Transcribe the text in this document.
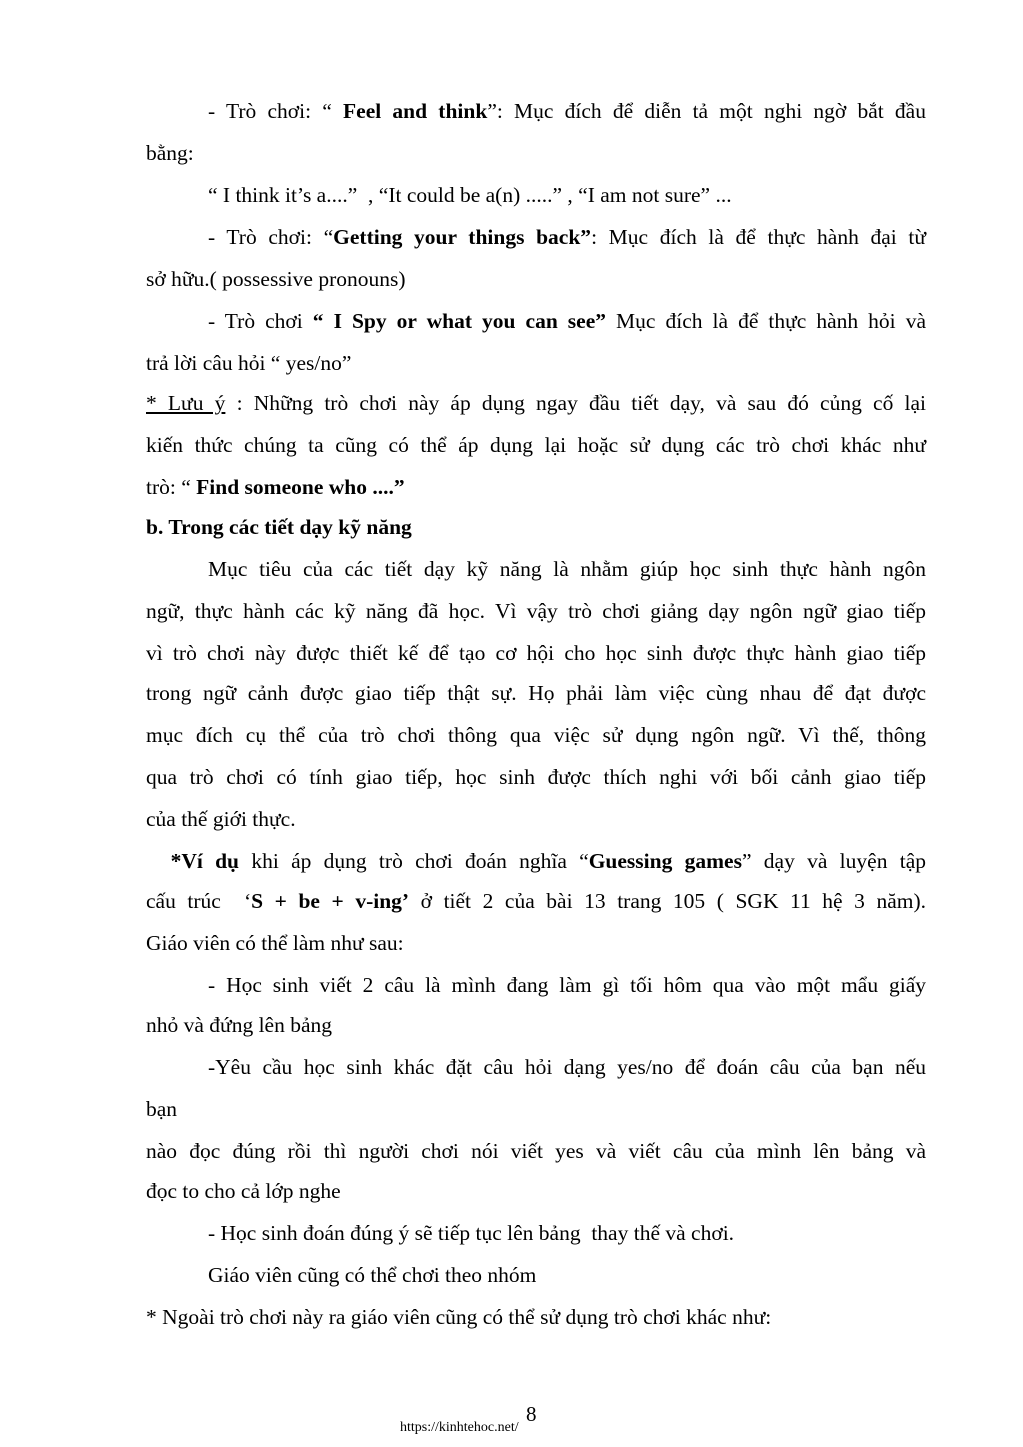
- Trò chơi: “ Feel and think”: Mục đích để diễn tả một nghi ngờ bắt đầu
bằng:
“ I think it’s a....”  , “It could be a(n) .....” , “I am not sure” ...
- Trò chơi: “Getting your things back”: Mục đích là để thực hành đại từ
sở hữu.( possessive pronouns)
- Trò chơi “ I Spy or what you can see” Mục đích là để thực hành hỏi và
trả lời câu hỏi “ yes/no”
* Lưu ý : Những trò chơi này áp dụng ngay đầu tiết dạy, và sau đó củng cố lại
kiến thức chúng ta cũng có thể áp dụng lại hoặc sử dụng các trò chơi khác như
trò: “ Find someone who ....”
b. Trong các tiết dạy kỹ năng
Mục tiêu của các tiết dạy kỹ năng là nhằm giúp học sinh thực hành ngôn
ngữ, thực hành các kỹ năng đã học. Vì vậy trò chơi giảng dạy ngôn ngữ giao tiếp
vì trò chơi này được thiết kế để tạo cơ hội cho học sinh được thực hành giao tiếp
trong ngữ cảnh được giao tiếp thật sự. Họ phải làm việc cùng nhau để đạt được
mục đích cụ thể của trò chơi thông qua việc sử dụng ngôn ngữ. Vì thế, thông
qua trò chơi có tính giao tiếp, học sinh được thích nghi với bối cảnh giao tiếp
của thế giới thực.
*Ví dụ khi áp dụng trò chơi đoán nghĩa “Guessing games” dạy và luyện tập
cấu trúc  ‘S + be + v-ing’ ở tiết 2 của bài 13 trang 105 ( SGK 11 hệ 3 năm).
Giáo viên có thể làm như sau:
- Học sinh viết 2 câu là mình đang làm gì tối hôm qua vào một mẩu giấy
nhỏ và đứng lên bảng
-Yêu cầu học sinh khác đặt câu hỏi dạng yes/no để đoán câu của bạn nếu
bạn
nào đọc đúng rồi thì người chơi nói viết yes và viết câu của mình lên bảng và
đọc to cho cả lớp nghe
- Học sinh đoán đúng ý sẽ tiếp tục lên bảng  thay thế và chơi.
Giáo viên cũng có thể chơi theo nhóm
* Ngoài trò chơi này ra giáo viên cũng có thể sử dụng trò chơi khác như:
8
https://kinhtehoc.net/
